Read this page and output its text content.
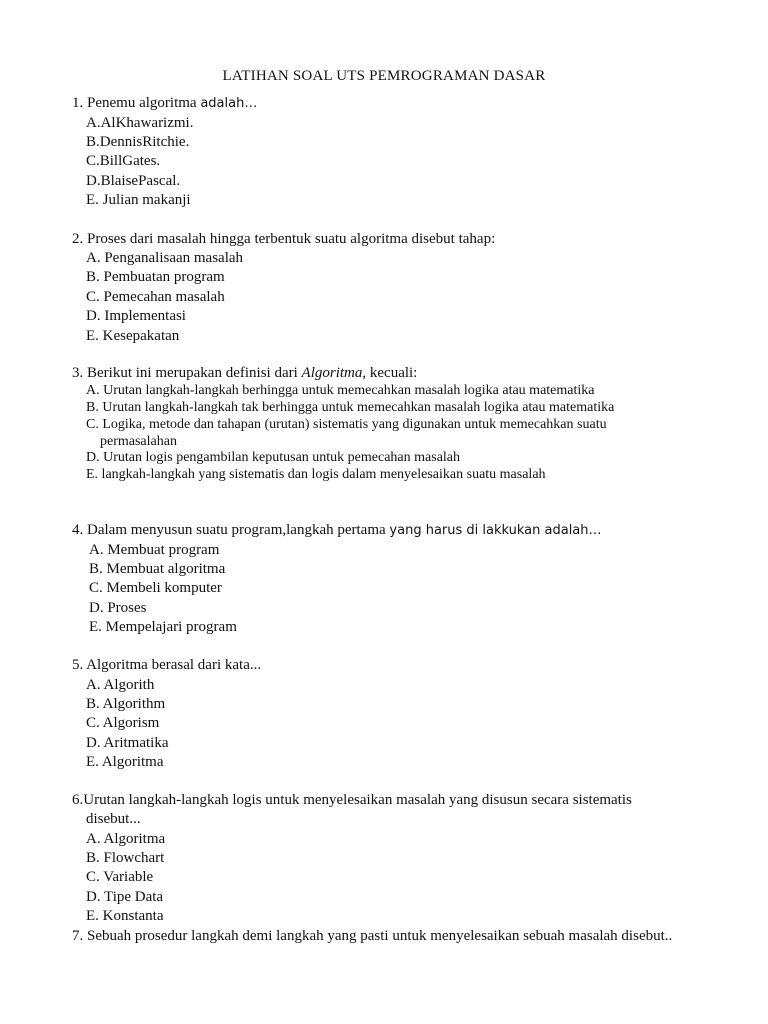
LATIHAN SOAL UTS PEMROGRAMAN DASAR
1. Penemu algoritma adalah…
A.AlKhawarizmi.
B.DennisRitchie.
C.BillGates.
D.BlaisePascal.
E. Julian makanji
2. Proses dari masalah hingga terbentuk suatu algoritma disebut tahap:
A. Penganalisaan masalah
B. Pembuatan program
C. Pemecahan masalah
D. Implementasi
E. Kesepakatan
3. Berikut ini merupakan definisi dari Algoritma, kecuali:
A. Urutan langkah-langkah berhingga untuk memecahkan masalah logika atau matematika
B. Urutan langkah-langkah tak berhingga untuk memecahkan masalah logika atau matematika
C. Logika, metode dan tahapan (urutan) sistematis yang digunakan untuk memecahkan suatu
permasalahan
D. Urutan logis pengambilan keputusan untuk pemecahan masalah
E. langkah-langkah yang sistematis dan logis dalam menyelesaikan suatu masalah
4. Dalam menyusun suatu program,langkah pertama yang harus di lakkukan adalah…
A. Membuat program
B. Membuat algoritma
C. Membeli komputer
D. Proses
E. Mempelajari program
5. Algoritma berasal dari kata...
A. Algorith
B. Algorithm
C. Algorism
D. Aritmatika
E. Algoritma
6.Urutan langkah-langkah logis untuk menyelesaikan masalah yang disusun secara sistematis
disebut...
A. Algoritma
B. Flowchart
C. Variable
D. Tipe Data
E. Konstanta
7. Sebuah prosedur langkah demi langkah yang pasti untuk menyelesaikan sebuah masalah disebut..
